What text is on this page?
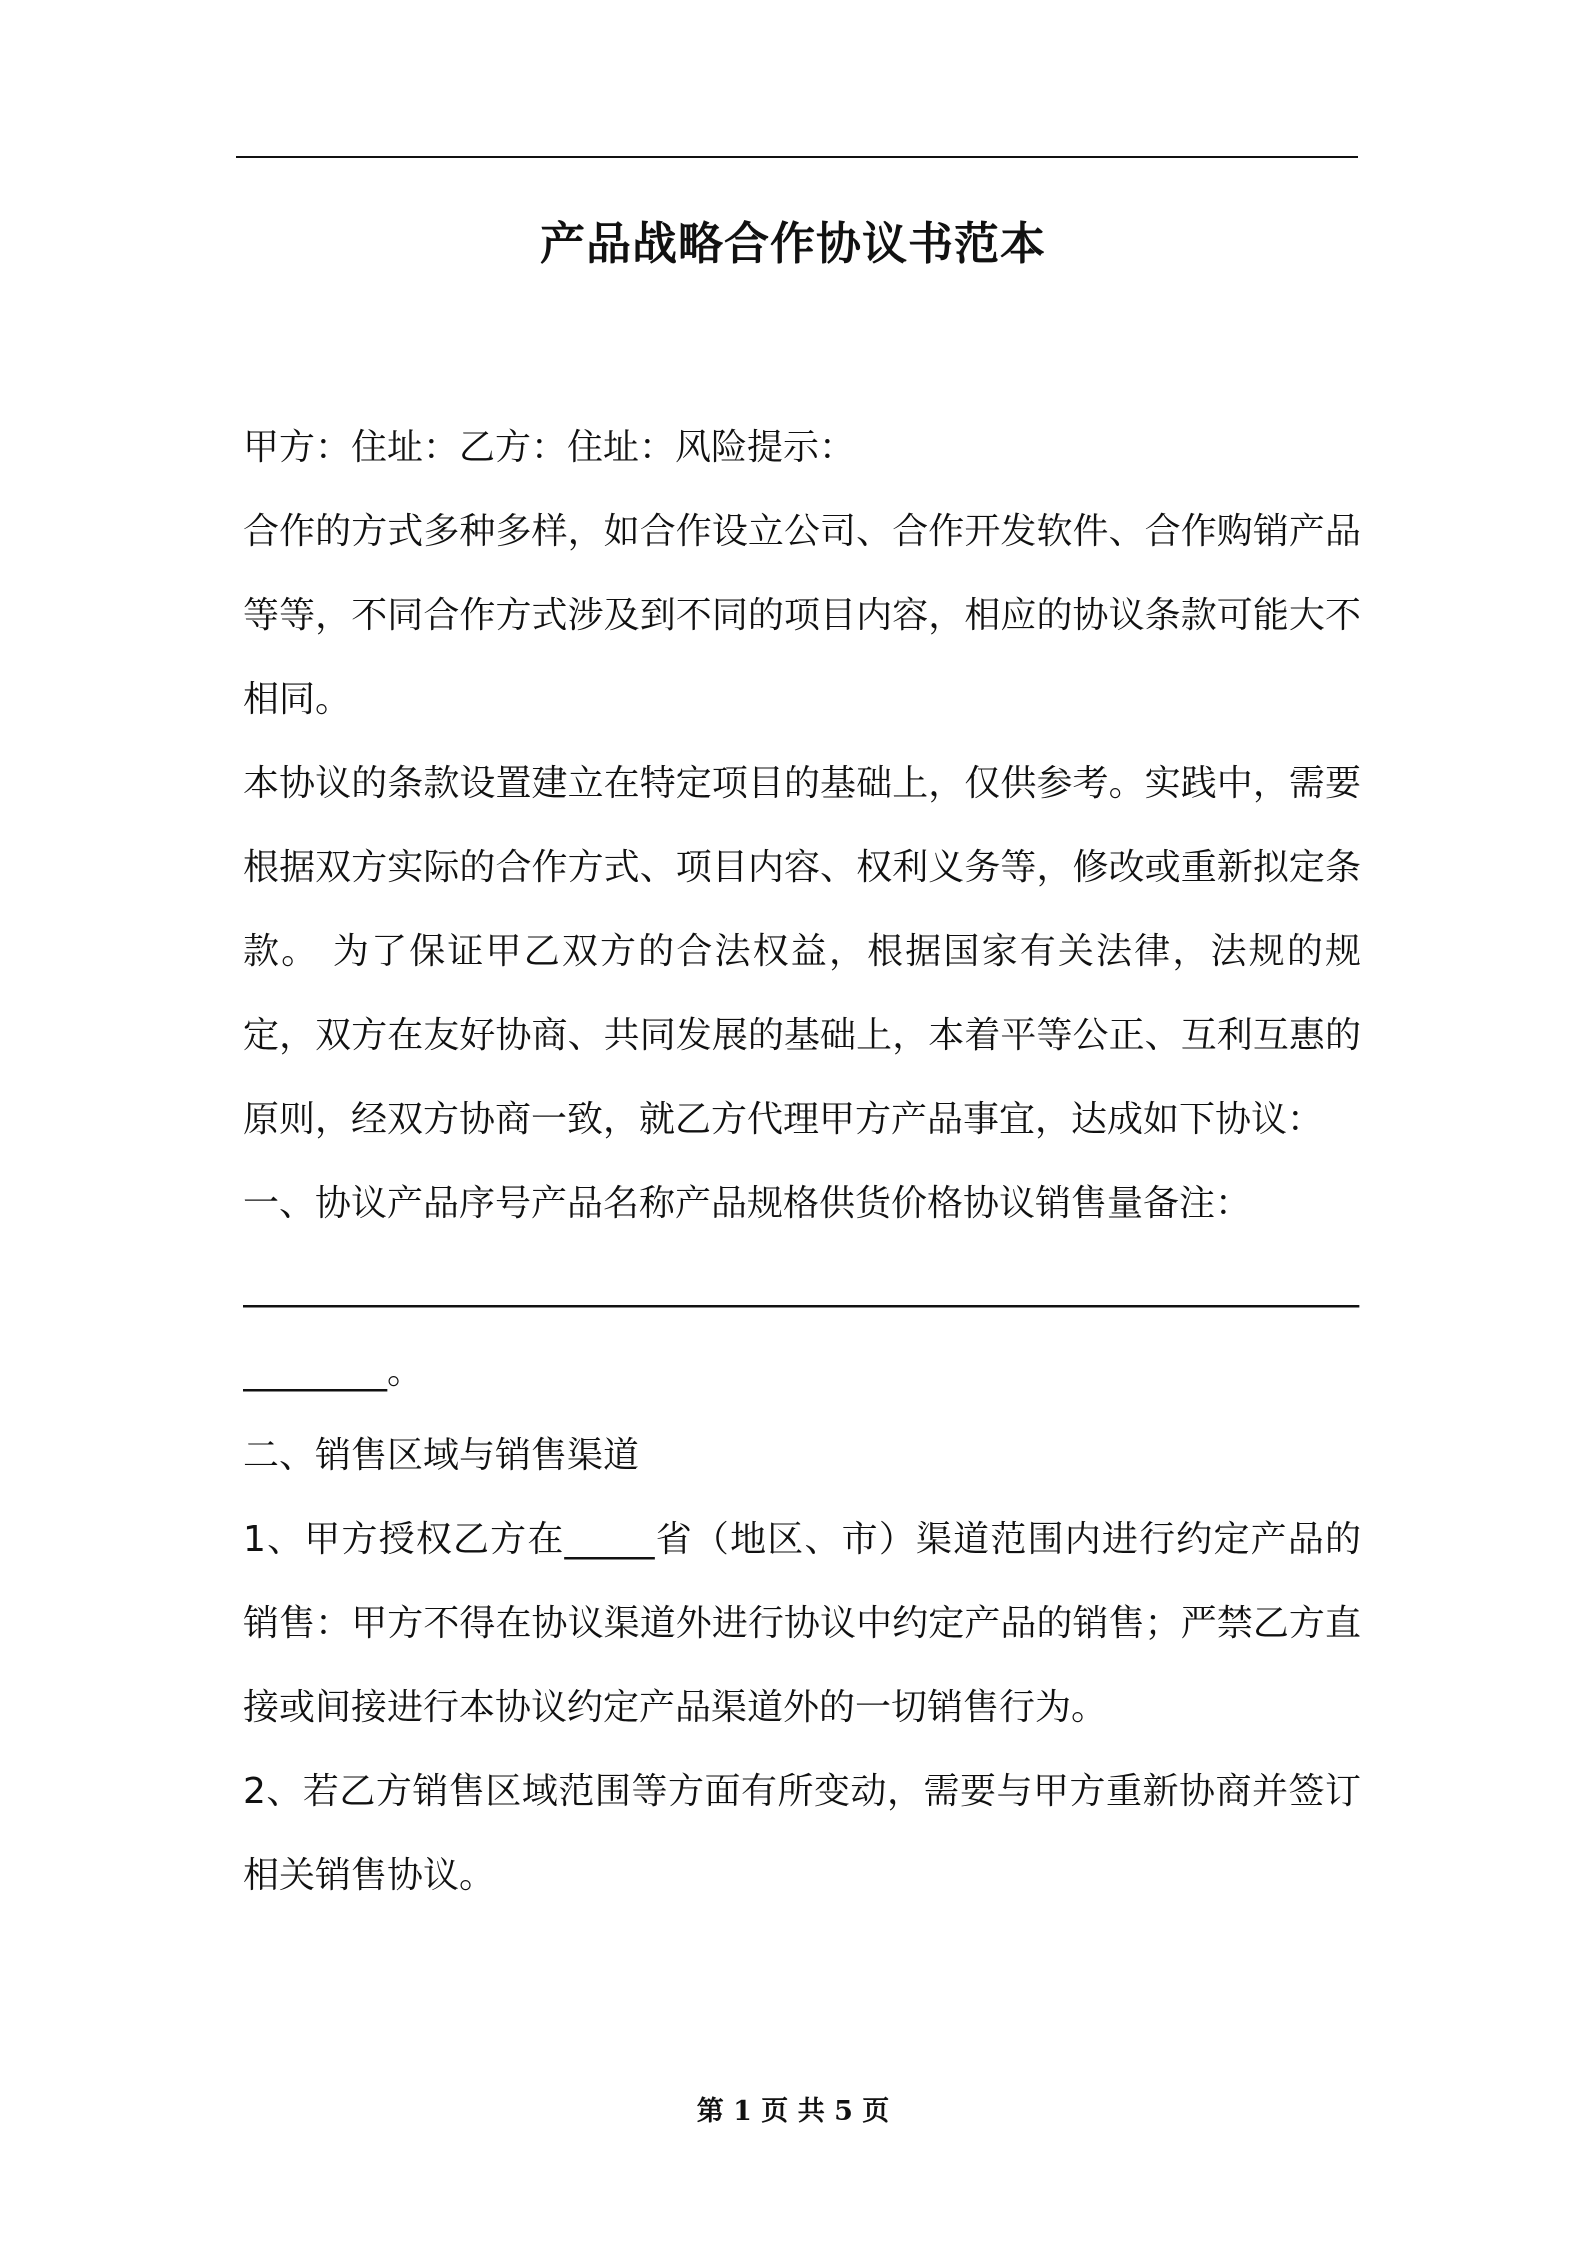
产品战略合作协议书范本

甲方：住址：乙方：住址：风险提示：

合作的方式多种多样，如合作设立公司、合作开发软件、合作购销产品等等，不同合作方式涉及到不同的项目内容，相应的协议条款可能大不相同。

本协议的条款设置建立在特定项目的基础上，仅供参考。实践中，需要根据双方实际的合作方式、项目内容、权利义务等，修改或重新拟定条款。 为了保证甲乙双方的合法权益，根据国家有关法律，法规的规定，双方在友好协商、共同发展的基础上，本着平等公正、互利互惠的原则，经双方协商一致，就乙方代理甲方产品事宜，达成如下协议：

一、协议产品序号产品名称产品规格供货价格协议销售量备注：

______________________________________________________________
________。

二、销售区域与销售渠道

1、甲方授权乙方在_____省（地区、市）渠道范围内进行约定产品的销售：甲方不得在协议渠道外进行协议中约定产品的销售；严禁乙方直接或间接进行本协议约定产品渠道外的一切销售行为。

2、若乙方销售区域范围等方面有所变动，需要与甲方重新协商并签订相关销售协议。

第 1 页 共 5 页
